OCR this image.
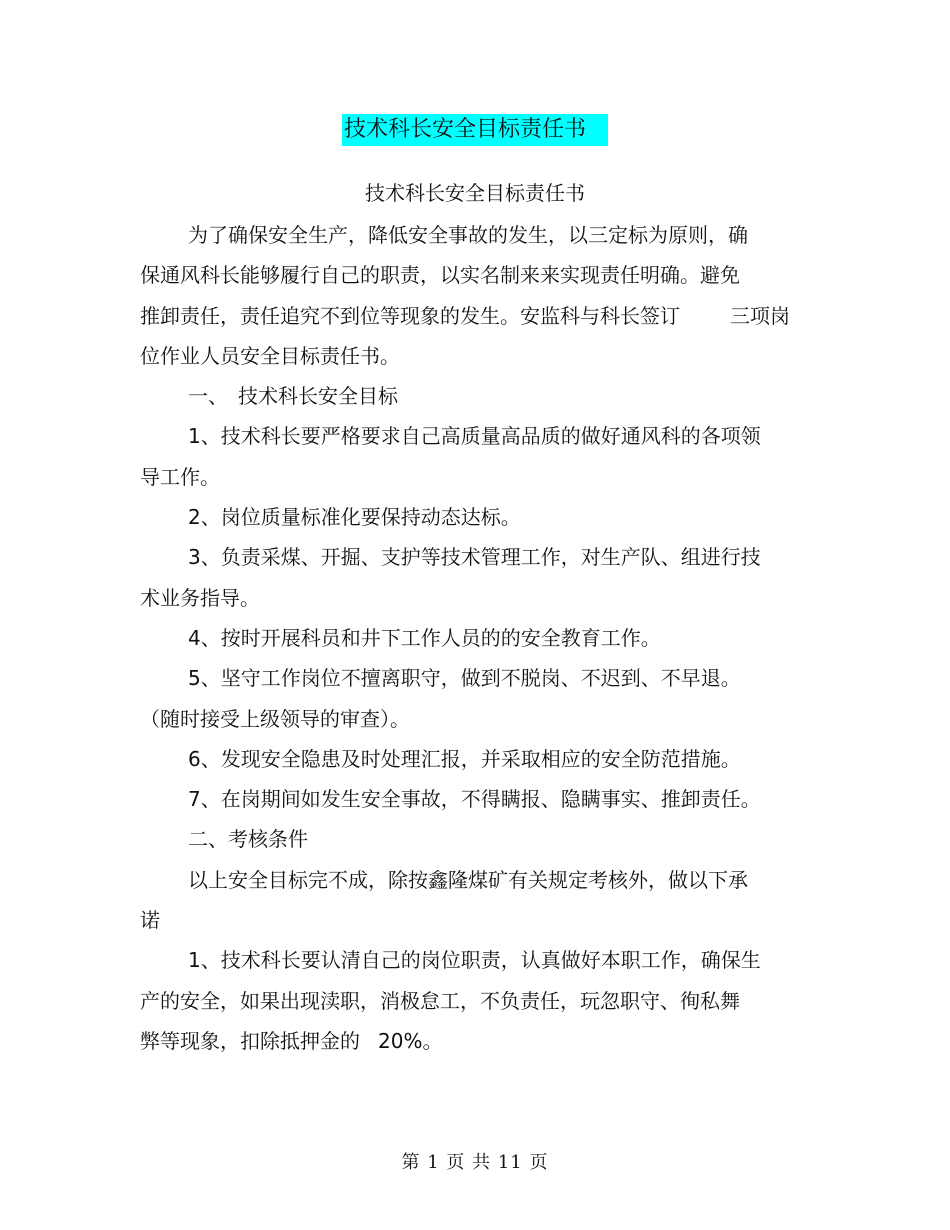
技术科长安全目标责任书
技术科长安全目标责任书
为了确保安全生产，降低安全事故的发生，以三定标为原则，确
保通风科长能够履行自己的职责，以实名制来来实现责任明确。避免
推卸责任，责任追究不到位等现象的发生。安监科与科长签订	三项岗
位作业人员安全目标责任书。
一、　技术科长安全目标
1、技术科长要严格要求自己高质量高品质的做好通风科的各项领
导工作。
2、岗位质量标准化要保持动态达标。
3、负责采煤、开掘、支护等技术管理工作，对生产队、组进行技
术业务指导。
4、按时开展科员和井下工作人员的的安全教育工作。
5、坚守工作岗位不擅离职守，做到不脱岗、不迟到、不早退。
（随时接受上级领导的审查）。
6、发现安全隐患及时处理汇报，并采取相应的安全防范措施。
7、在岗期间如发生安全事故，不得瞒报、隐瞒事实、推卸责任。
二、考核条件
以上安全目标完不成，除按鑫隆煤矿有关规定考核外，做以下承
诺
1、技术科长要认清自己的岗位职责，认真做好本职工作，确保生
产的安全，如果出现渎职，消极怠工，不负责任，玩忽职守、徇私舞
弊等现象，扣除抵押金的 20%。
第 1 页 共 11 页
